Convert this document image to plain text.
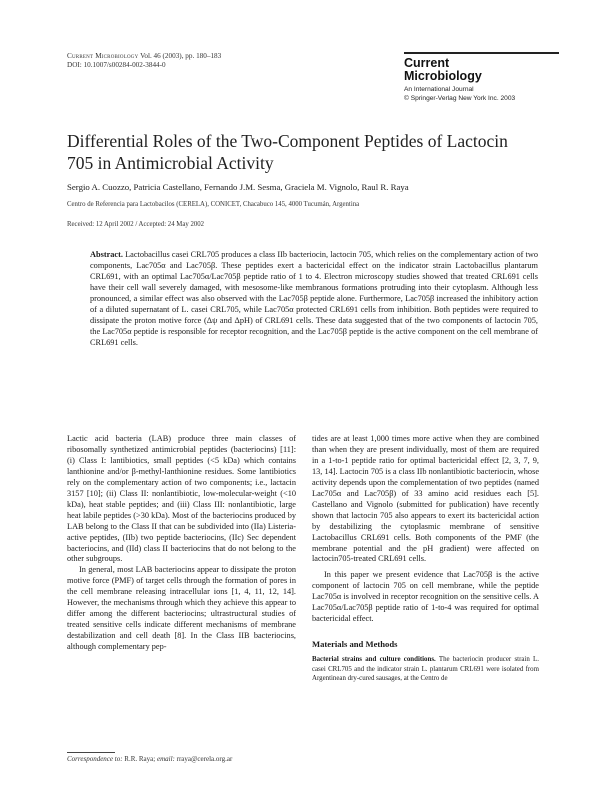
Current Microbiology Vol. 46 (2003), pp. 180–183
DOI: 10.1007/s00284-002-3844-0	Current
Microbiology
An International Journal
© Springer-Verlag New York Inc. 2003
Differential Roles of the Two-Component Peptides of Lactocin 705 in Antimicrobial Activity
Sergio A. Cuozzo, Patricia Castellano, Fernando J.M. Sesma, Graciela M. Vignolo, Raul R. Raya
Centro de Referencia para Lactobacilos (CERELA), CONICET, Chacabuco 145, 4000 Tucumán, Argentina
Received: 12 April 2002 / Accepted: 24 May 2002
Abstract. Lactobacillus casei CRL705 produces a class IIb bacteriocin, lactocin 705, which relies on the complementary action of two components, Lac705α and Lac705β. These peptides exert a bactericidal effect on the indicator strain Lactobacillus plantarum CRL691, with an optimal Lac705α/Lac705β peptide ratio of 1 to 4. Electron microscopy studies showed that treated CRL691 cells have their cell wall severely damaged, with mesosome-like membranous formations protruding into their cytoplasm. Although less pronounced, a similar effect was also observed with the Lac705β peptide alone. Furthermore, Lac705β increased the inhibitory action of a diluted supernatant of L. casei CRL705, while Lac705α protected CRL691 cells from inhibition. Both peptides were required to dissipate the proton motive force (Δψ and ΔpH) of CRL691 cells. These data suggested that of the two components of lactocin 705, the Lac705α peptide is responsible for receptor recognition, and the Lac705β peptide is the active component on the cell membrane of CRL691 cells.

Lactic acid bacteria (LAB) produce three main classes of ribosomally synthetized antimicrobial peptides (bacteriocins) [11]: (i) Class I: lantibiotics, small peptides (<5 kDa) which contains lanthionine and/or β-methyl-lanthionine residues. Some lantibiotics rely on the complementary action of two components; i.e., lactacin 3157 [10]; (ii) Class II: nonlantibiotic, low-molecular-weight (<10 kDa), heat stable peptides; and (iii) Class III: nonlantibiotic, large heat labile peptides (>30 kDa). Most of the bacteriocins produced by LAB belong to the Class II that can be subdivided into (IIa) Listeria-active peptides, (IIb) two peptide bacteriocins, (IIc) Sec dependent bacteriocins, and (IId) class II bacteriocins that do not belong to the other subgroups.

In general, most LAB bacteriocins appear to dissipate the proton motive force (PMF) of target cells through the formation of pores in the cell membrane releasing intracellular ions [1, 4, 11, 12, 14]. However, the mechanisms through which they achieve this appear to differ among the different bacteriocins; ultrastructural studies of treated sensitive cells indicate different mechanisms of membrane destabilization and cell death [8]. In the Class IIB bacteriocins, although complementary pep-

tides are at least 1,000 times more active when they are combined than when they are present individually, most of them are required in a 1-to-1 peptide ratio for optimal bactericidal effect [2, 3, 7, 9, 13, 14]. Lactocin 705 is a class IIb nonlantibiotic bacteriocin, whose activity depends upon the complementation of two peptides (named Lac705α and Lac705β) of 33 amino acid residues each [5]. Castellano and Vignolo (submitted for publication) have recently shown that lactocin 705 also appears to exert its bactericidal action by destabilizing the cytoplasmic membrane of sensitive Lactobacillus CRL691 cells. Both components of the PMF (the membrane potential and the pH gradient) were affected on lactocin705-treated CRL691 cells.

In this paper we present evidence that Lac705β is the active component of lactocin 705 on cell membrane, while the peptide Lac705α is involved in receptor recognition on the sensitive cells. A Lac705α/Lac705β peptide ratio of 1-to-4 was required for optimal bactericidal effect.

Materials and Methods
Bacterial strains and culture conditions. The bacteriocin producer strain L. casei CRL705 and the indicator strain L. plantarum CRL691 were isolated from Argentinean dry-cured sausages, at the Centro de
Correspondence to: R.R. Raya; email: rraya@cerela.org.ar
